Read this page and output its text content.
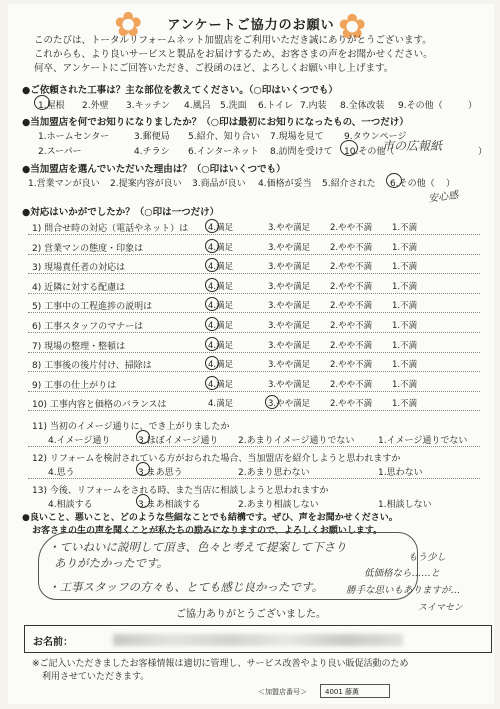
✿	✿
アンケートご協力のお願い
このたびは、トータルリフォームネット加盟店をご利用いただき誠にありがとうございます。
これからも、より良いサービスと製品をお届けするため、お客さまの声をお聞かせください。
何卒、アンケートにご回答いただき、ご投函のほど、よろしくお願い申し上げます。
●ご依頼された工事は？主な部位を教えてください。（○印はいくつでも）
1.屋根 2.外壁 3.キッチン 4.風呂 5.洗面 6.トイレ 7.内装 8.全体改装 9.その他（	）
●当加盟店を何でお知りになりましたか？（○印は最初にお知りになったもの、一つだけ）
1.ホームセンター	3.郵便局 5.紹介、知り合い 7.現場を見て 9.タウンページ
2.スーパー	4.チラシ 6.インターネット 8.訪問を受けて 10.その他（	）
市の広報紙
●当加盟店を選んでいただいた理由は？（○印はいくつでも）
1.営業マンが良い 2.提案内容が良い 3.商品が良い 4.価格が妥当 5.紹介された 6.その他（ ）
安心感
●対応はいかがでしたか？（○印は一つだけ）
1) 問合せ時の対応（電話やネット）は 4.満足	3.やや満足 2.やや不満 1.不満
2) 営業マンの態度・印象は	4.満足	3.やや満足 2.やや不満 1.不満
3) 現場責任者の対応は	4.満足	3.やや満足 2.やや不満 1.不満
4) 近隣に対する配慮は	4.満足	3.やや満足 2.やや不満 1.不満
5) 工事中の工程進捗の説明は	4.満足	3.やや満足 2.やや不満 1.不満
6) 工事スタッフのマナーは	4.満足	3.やや満足 2.やや不満 1.不満
7) 現場の整理・整頓は	4.満足	3.やや満足 2.やや不満 1.不満
8) 工事後の後片付け、掃除は	4.満足	3.やや満足 2.やや不満 1.不満
9) 工事の仕上がりは	4.満足	3.やや満足 2.やや不満 1.不満
10) 工事内容と価格のバランスは	4.満足	3.やや満足 2.やや不満 1.不満
11) 当初のイメージ通りに、でき上がりましたか
4.イメージ通り	3.ほぼイメージ通り 2.あまりイメージ通りでない	1.イメージ通りでない
12) リフォームを検討されている方がおられた場合、当加盟店を紹介しようと思われますか
4.思う	3.まあ思う	2.あまり思わない	1.思わない
13) 今後、リフォームをされる時、また当店に相談しようと思われますか
4.相談する	3.まあ相談する	2.あまり相談しない	1.相談しない
●良いこと、悪いこと、どのような些細なことでも結構です。ぜひ、声をお聞かせください。
お客さまの生の声を聞くことが私たちの励みになりますので、よろしくお願いします。
・ていねいに説明して頂き、色々と考えて提案して下さり
ありがたかったです。
・工事スタッフの方々も、とても感じ良かったです。
もう少し
低価格なら……と
勝手な思いもありますが…
スイマセン
ご協力ありがとうございました。
お名前：
※ご記入いただきましたお客様情報は適切に管理し、サービス改善やより良い販促活動のため
利用させていただきます。
＜加盟店番号＞	4001 藤薫
